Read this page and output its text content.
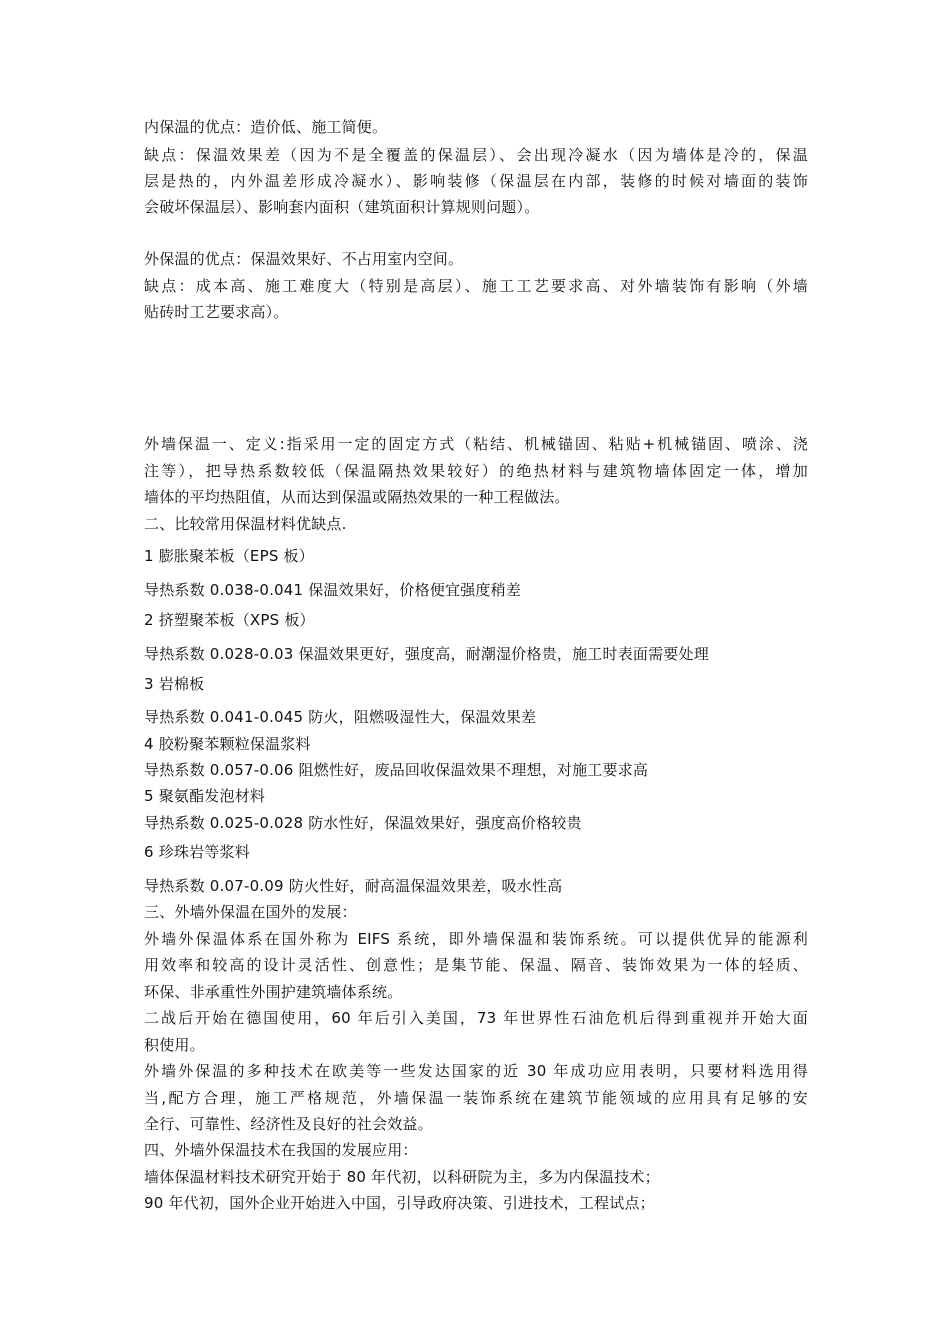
内保温的优点：造价低、施工简便。
缺点：保温效果差（因为不是全覆盖的保温层）、会出现冷凝水（因为墙体是冷的，保温
层是热的，内外温差形成冷凝水）、影响装修（保温层在内部，装修的时候对墙面的装饰
会破坏保温层）、影响套内面积（建筑面积计算规则问题）。
外保温的优点：保温效果好、不占用室内空间。
缺点：成本高、施工难度大（特别是高层）、施工工艺要求高、对外墙装饰有影响（外墙
贴砖时工艺要求高）。
外墙保温一、定义:指采用一定的固定方式（粘结、机械锚固、粘贴+机械锚固、喷涂、浇
注等），把导热系数较低（保温隔热效果较好）的绝热材料与建筑物墙体固定一体，增加
墙体的平均热阻值，从而达到保温或隔热效果的一种工程做法。
二、比较常用保温材料优缺点.
1 膨胀聚苯板（EPS 板）
导热系数 0.038-0.041 保温效果好，价格便宜强度稍差
2 挤塑聚苯板（XPS 板）
导热系数 0.028-0.03 保温效果更好，强度高，耐潮湿价格贵，施工时表面需要处理
3 岩棉板
导热系数 0.041-0.045 防火，阻燃吸湿性大，保温效果差
4 胶粉聚苯颗粒保温浆料
导热系数 0.057-0.06 阻燃性好，废品回收保温效果不理想，对施工要求高
5 聚氨酯发泡材料
导热系数 0.025-0.028 防水性好，保温效果好，强度高价格较贵
6 珍珠岩等浆料
导热系数 0.07-0.09 防火性好，耐高温保温效果差，吸水性高
三、外墙外保温在国外的发展：
外墙外保温体系在国外称为 EIFS 系统，即外墙保温和装饰系统。可以提供优异的能源利
用效率和较高的设计灵活性、创意性；是集节能、保温、隔音、装饰效果为一体的轻质、
环保、非承重性外围护建筑墙体系统。
二战后开始在德国使用，60 年后引入美国，73 年世界性石油危机后得到重视并开始大面
积使用。
外墙外保温的多种技术在欧美等一些发达国家的近 30 年成功应用表明，只要材料选用得
当,配方合理，施工严格规范，外墙保温一装饰系统在建筑节能领域的应用具有足够的安
全行、可靠性、经济性及良好的社会效益。
四、外墙外保温技术在我国的发展应用：
墙体保温材料技术研究开始于 80 年代初，以科研院为主，多为内保温技术；
90 年代初，国外企业开始进入中国，引导政府决策、引进技术，工程试点；
